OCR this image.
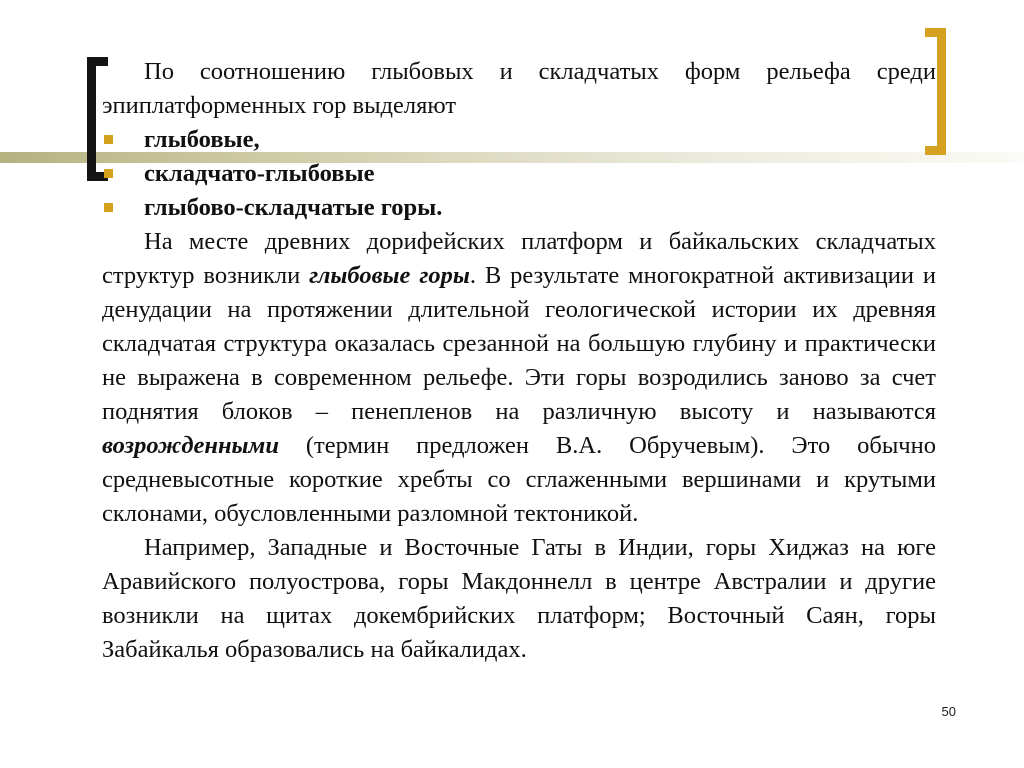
По соотношению глыбовых и складчатых форм рельефа среди эпиплатформенных гор выделяют

глыбовые,
складчато-глыбовые
глыбово-складчатые горы.

На месте древних дорифейских платформ и байкальских складчатых структур возникли глыбовые горы. В результате многократной активизации и денудации на протяжении длительной геологической истории их древняя складчатая структура оказалась срезанной на большую глубину и практически не выражена в современном рельефе. Эти горы возродились заново за счет поднятия блоков – пенепленов на различную высоту и называются возрожденными (термин предложен В.А. Обручевым). Это обычно средневысотные короткие хребты со сглаженными вершинами и крутыми склонами, обусловленными разломной тектоникой.

Например, Западные и Восточные Гаты в Индии, горы Хиджаз на юге Аравийского полуострова, горы Макдоннелл в центре Австралии и другие возникли на щитах докембрийских платформ; Восточный Саян, горы Забайкалья образовались на байкалидах.

50
